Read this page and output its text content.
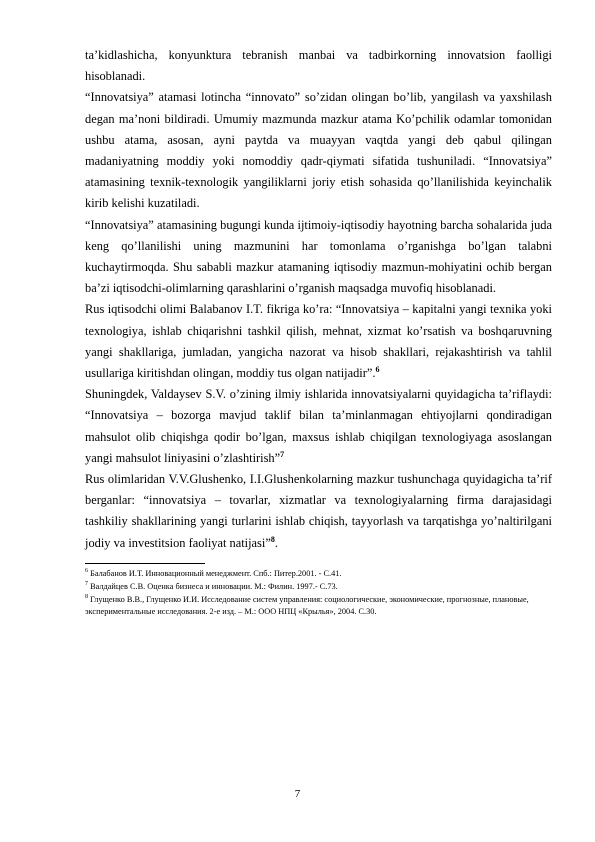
ta’kidlashicha, konyunktura tebranish manbai va tadbirkorning innovatsion faolligi hisoblanadi.

“Innovatsiya” atamasi lotincha “innovato” so’zidan olingan bo’lib, yangilash va yaxshilash degan ma’noni bildiradi. Umumiy mazmunda mazkur atama Ko’pchilik odamlar tomonidan ushbu atama, asosan, ayni paytda va muayyan vaqtda yangi deb qabul qilingan madaniyatning moddiy yoki nomoddiy qadr-qiymati sifatida tushuniladi. “Innovatsiya” atamasining texnik-texnologik yangiliklarni joriy etish sohasida qo’llanilishida keyinchalik kirib kelishi kuzatiladi.

“Innovatsiya” atamasining bugungi kunda ijtimoiy-iqtisodiy hayotning barcha sohalarida juda keng qo’llanilishi uning mazmunini har tomonlama o’rganishga bo’lgan talabni kuchaytirmoqda. Shu sababli mazkur atamaning iqtisodiy mazmun-mohiyatini ochib bergan ba’zi iqtisodchi-olimlarning qarashlarini o’rganish maqsadga muvofiq hisoblanadi.

Rus iqtisodchi olimi Balabanov I.T. fikriga ko’ra: “Innovatsiya – kapitalni yangi texnika yoki texnologiya, ishlab chiqarishni tashkil qilish, mehnat, xizmat ko’rsatish va boshqaruvning yangi shakllariga, jumladan, yangicha nazorat va hisob shakllari, rejakashtirish va tahlil usullariga kiritishdan olingan, moddiy tus olgan natijadir”.$^6$

Shuningdek, Valdaysev S.V. o’zining ilmiy ishlarida innovatsiyalarni quyidagicha ta’riflaydi: “Innovatsiya – bozorga mavjud taklif bilan ta’minlanmagan ehtiyojlarni qondiradigan mahsulot olib chiqishga qodir bo’lgan, maxsus ishlab chiqilgan texnologiyaga asoslangan yangi mahsulot liniyasini o’zlashtirish”$^7$

Rus olimlaridan V.V.Glushenko, I.I.Glushenkolarning mazkur tushunchaga quyidagicha ta’rif berganlar: “innovatsiya – tovarlar, xizmatlar va texnologiyalarning firma darajasidagi tashkiliy shakllarining yangi turlarini ishlab chiqish, tayyorlash va tarqatishga yo’naltirilgani jodiy va investitsion faoliyat natijasi”$^8$.

$^6$ Балабанов И.Т. Инновационный менеджмент. Спб.: Питер.2001. - С.41.

$^7$ Валдайцев С.В. Оценка бизнеса и инновации. М.: Филин. 1997.- С.73.

$^8$ Глущенко В.В., Глущенко И.И. Исследование систем управления: социологические, экономические, прогнозные, плановые, экспериментальные исследования. 2-е изд. – М.: ООО НПЦ «Крылья», 2004. С.30.

7
